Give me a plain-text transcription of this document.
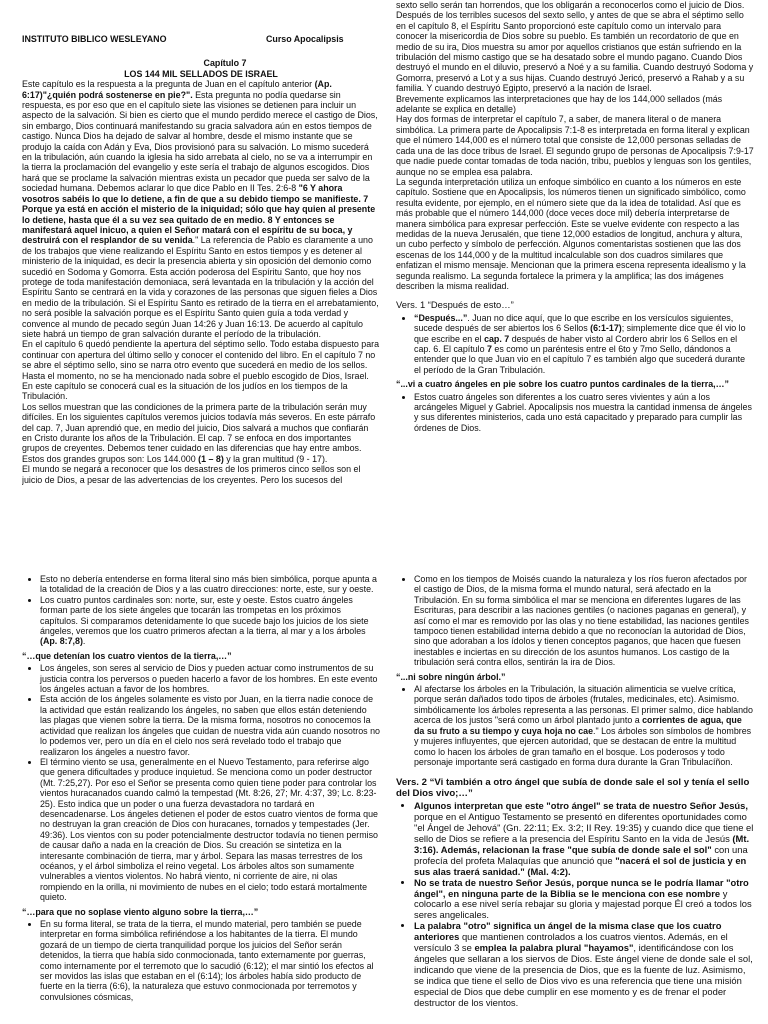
INSTITUTO BIBLICO WESLEYANO	Curso Apocalipsis
Capítulo 7
LOS 144 MIL SELLADOS DE ISRAEL

Este capítulo es la respuesta a la pregunta de Juan en el capítulo anterior (Ap. 6:17)"¿quién podrá sostenerse en pie?". Esta pregunta no podía quedarse sin respuesta, es por eso que en el capítulo siete las visiones se detienen para incluir un aspecto de la salvación. Si bien es cierto que el mundo perdido merece el castigo de Dios, sin embargo, Dios continuará manifestando su gracia salvadora aún en estos tiempos de castigo. Nunca Dios ha dejado de salvar al hombre, desde el mismo instante que se produjo la caída con Adán y Eva, Dios provisionó para su salvación. Lo mismo sucederá en la tribulación, aún cuando la iglesia ha sido arrebata al cielo, no se va a interrumpir en la tierra la proclamación del evangelio y este sería el trabajo de algunos escogidos. Dios hará que se proclame la salvación mientras exista un pecador que pueda ser salvo de la sociedad humana. Debemos aclarar lo que dice Pablo en II Tes. 2:6-8 "6 Y ahora vosotros sabéis lo que lo detiene, a fin de que a su debido tiempo se manifieste. 7 Porque ya está en acción el misterio de la iniquidad; sólo que hay quien al presente lo detiene, hasta que él a su vez sea quitado de en medio. 8 Y entonces se manifestará aquel inicuo, a quien el Señor matará con el espíritu de su boca, y destruirá con el resplandor de su venida." La referencia de Pablo es claramente a uno de los trabajos que viene realizando el Espíritu Santo en estos tiempos y es detener al ministerio de la iniquidad, es decir la presencia abierta y sin oposición del demonio como sucedió en Sodoma y Gomorra. Esta acción poderosa del Espíritu Santo, que hoy nos protege de toda manifestación demoniaca, será levantada en la tribulación y la acción del Espíritu Santo se centrará en la vida y corazones de las personas que siguen fieles a Dios en medio de la tribulación. Si el Espíritu Santo es retirado de la tierra en el arrebatamiento, no será posible la salvación porque es el Espíritu Santo quien guía a toda verdad y convence al mundo de pecado según Juan 14:26 y Juan 16:13. De acuerdo al capítulo siete habrá un tiempo de gran salvación durante el período de la tribulación.

En el capítulo 6 quedó pendiente la apertura del séptimo sello. Todo estaba dispuesto para continuar con apertura del último sello y conocer el contenido del libro. En el capítulo 7 no se abre el séptimo sello, sino se narra otro evento que sucederá en medio de los sellos. Hasta el momento, no se ha mencionado nada sobre el pueblo escogido de Dios, Israel. En este capítulo se conocerá cual es la situación de los judíos en los tiempos de la Tribulación.

Los sellos muestran que las condiciones de la primera parte de la tribulación serán muy difíciles. En los siguientes capítulos veremos juicios todavía más severos. En este párrafo del cap. 7, Juan aprendió que, en medio del juicio, Dios salvará a muchos que confiarán en Cristo durante los años de la Tribulación. El cap. 7 se enfoca en dos importantes grupos de creyentes. Debemos tener cuidado en las diferencias que hay entre ambos. Estos dos grandes grupos son: Los 144.000 (1 – 8) y la gran multitud (9 - 17).

El mundo se negará a reconocer que los desastres de los primeros cinco sellos son el juicio de Dios, a pesar de las advertencias de los creyentes. Pero los sucesos del

sexto sello serán tan horrendos, que los obligarán a reconocerlos como el juicio de Dios. Después de los terribles sucesos del sexto sello, y antes de que se abra el séptimo sello en el capítulo 8, el Espíritu Santo proporcionó este capítulo como un intervalo para conocer la misericordia de Dios sobre su pueblo. Es también un recordatorio de que en medio de su ira, Dios muestra su amor por aquellos cristianos que están sufriendo en la tribulación del mismo castigo que se ha desatado sobre el mundo pagano. Cuando Dios destruyó el mundo en el diluvio, preservó a Noé y a su familia. Cuando destruyó Sodoma y Gomorra, preservó a Lot y a sus hijas. Cuando destruyó Jericó, preservó a Rahab y a su familia. Y cuando destruyó Egipto, preservó a la nación de Israel.

Brevemente explicamos las interpretaciones que hay de los 144,000 sellados (más adelante se explica en detalle)

Hay dos formas de interpretar el capítulo 7, a saber, de manera literal o de manera simbólica. La primera parte de Apocalipsis 7:1-8 es interpretada en forma literal y explican que el número 144,000 es el número total que consiste de 12,000 personas selladas de cada una de las doce tribus de Israel. El segundo grupo de personas de Apocalipsis 7:9-17 que nadie puede contar tomadas de toda nación, tribu, pueblos y lenguas son los gentiles, aunque no se emplea esa palabra.

La segunda interpretación utiliza un enfoque simbólico en cuanto a los números en este capítulo. Sostiene que en Apocalipsis, los números tienen un significado simbólico, como resulta evidente, por ejemplo, en el número siete que da la idea de totalidad. Así que es más probable que el número 144,000 (doce veces doce mil) debería interpretarse de manera simbólica para expresar perfección. Este se vuelve evidente con respecto a las medidas de la nueva Jerusalén, que tiene 12,000 estadios de longitud, anchura y altura, un cubo perfecto y símbolo de perfección. Algunos comentaristas sostienen que las dos escenas de los 144,000 y de la multitud incalculable son dos cuadros similares que enfatizan el mismo mensaje. Mencionan que la primera escena representa idealismo y la segunda realismo. La segunda fortalece la primera y la amplifica; las dos imágenes describen la misma realidad.

Vers. 1 “Después de esto…”
• “Después...”. Juan no dice aquí, que lo que escribe en los versículos siguientes, sucede después de ser abiertos los 6 Sellos (6:1-17); simplemente dice que él vio lo que escribe en el cap. 7 después de haber visto al Cordero abrir los 6 Sellos en el cap. 6. El capítulo 7 es como un paréntesis entre el 6to y 7mo Sello, dándonos a entender que lo que Juan vio en el capítulo 7 es también algo que sucederá durante el período de la Gran Tribulación.
“...vi a cuatro ángeles en pie sobre los cuatro puntos cardinales de la tierra,…”
• Estos cuatro ángeles son diferentes a los cuatro seres vivientes y aún a los arcángeles Miguel y Gabriel. Apocalipsis nos muestra la cantidad inmensa de ángeles y sus diferentes ministerios, cada uno está capacitado y preparado para cumplir las órdenes de Dios.
• Esto no debería entenderse en forma literal sino más bien simbólica, porque apunta a la totalidad de la creación de Dios y a las cuatro direcciones: norte, este, sur y oeste.
• Los cuatro puntos cardinales son: norte, sur, este y oeste. Estos cuatro ángeles forman parte de los siete ángeles que tocarán las trompetas en los próximos capítulos. Si comparamos detenidamente lo que sucede bajo los juicios de los siete ángeles, veremos que los cuatro primeros afectan a la tierra, al mar y a los árboles (Ap. 8:7,8).
“…que detenían los cuatro vientos de la tierra,…”
• Los ángeles, son seres al servicio de Dios y pueden actuar como instrumentos de su justicia contra los perversos o pueden hacerlo a favor de los hombres. En este evento los ángeles actuan a favor de los hombres.
• Esta acción de los ángeles solamente es visto por Juan, en la tierra nadie conoce de la actividad que están realizando los ángeles, no saben que ellos están deteniendo las plagas que vienen sobre la tierra. De la misma forma, nosotros no conocemos la actividad que realizan los ángeles que cuidan de nuestra vida aún cuando nosotros no lo podemos ver, pero un día en el cielo nos será revelado todo el trabajo que realizaron los ángeles a nuestro favor.
• El término viento se usa, generalmente en el Nuevo Testamento, para referirse algo que genera dificultades y produce inquietud. Se menciona como un poder destructor (Mt. 7:25,27). Por eso el Señor se presenta como quien tiene poder para controlar los vientos huracanados cuando calmó la tempestad (Mt. 8:26, 27; Mr. 4:37, 39; Lc. 8:23-25). Esto indica que un poder o una fuerza devastadora no tardará en desencadenarse. Los ángeles detienen el poder de estos cuatro vientos de forma que no destruyan la gran creación de Dios con huracanes, tornados y tempestades (Jer. 49:36). Los vientos con su poder potencialmente destructor todavía no tienen permiso de causar daño a nada en la creación de Dios. Su creación se sintetiza en la interesante combinación de tierra, mar y árbol. Separa las masas terrestres de los océanos, y el árbol simboliza el reino vegetal. Los árboles altos son sumamente vulnerables a vientos violentos. No habrá viento, ni corriente de aire, ni olas rompiendo en la orilla, ni movimiento de nubes en el cielo; todo estará mortalmente quieto.
“…para que no soplase viento alguno sobre la tierra,…”
• En su forma literal, se trata de la tierra, el mundo material, pero también se puede interpretar en forma simbólica refiriéndose a los habitantes de la tierra. El mundo gozará de un tiempo de cierta tranquilidad porque los juicios del Señor serán detenidos, la tierra que había sido conmocionada, tanto externamente por guerras, como internamente por el terremoto que lo sacudió (6:12); el mar sintió los efectos al ser movidos las islas que estaban en el (6:14); los árboles había sido producto de fuerte en la tierra (6:6), la naturaleza que estuvo conmocionada por terremotos y convulsiones cósmicas,
• Como en los tiempos de Moisés cuando la naturaleza y los ríos fueron afectados por el castigo de Dios, de la misma forma el mundo natural, será afectado en la Tribulación. En su forma simbólica el mar se menciona en diferentes lugares de las Escrituras, para describir a las naciones gentiles (o naciones paganas en general), y así como el mar es removido por las olas y no tiene estabilidad, las naciones gentiles tampoco tienen estabilidad interna debido a que no reconocían la autoridad de Dios, sino que adoraban a los ídolos y tienen conceptos paganos, que hacen que fuesen inestables e inciertas en su dirección de los asuntos humanos. Los castigo de la tribulación será contra ellos, sentirán la ira de Dios.
“...ni sobre ningún árbol.”
• Al afectarse los árboles en la Tribulación, la situación alimenticia se vuelve crítica, porque serán dañados todo tipos de árboles (frutales, medicinales, etc). Asimismo. simbólicamente los árboles representa a las personas. El primer salmo, dice hablando acerca de los justos "será como un árbol plantado junto a corrientes de agua, que da su fruto a su tiempo y cuya hoja no cae." Los árboles son símbolos de hombres y mujeres influyentes, que ejercen autoridad, que se destacan de entre la multitud como lo hacen los árboles de gran tamaño en el bosque. Los poderosos y todo personaje importante será castigado en forma dura durante la Gran Tribulacíñon.
Vers. 2 “Vi también a otro ángel que subía de donde sale el sol y tenía el sello del Dios vivo;…”
• Algunos interpretan que este "otro ángel" se trata de nuestro Señor Jesús, porque en el Antiguo Testamento se presentó en diferentes oportunidades como "el Ángel de Jehová" (Gn. 22:11; Ex. 3:2; II Rey. 19:35) y cuando dice que tiene el sello de Dios se refiere a la presencia del Espíritu Santo en la vida de Jesús (Mt. 3:16). Además, relacionan la frase "que subía de donde sale el sol" con una profecía del profeta Malaquías que anunció que "nacerá el sol de justicia y en sus alas traerá sanidad." (Mal. 4:2).
• No se trata de nuestro Señor Jesús, porque nunca se le podría llamar "otro ángel", en ninguna parte de la Biblia se le menciona con ese nombre y colocarlo a ese nivel sería rebajar su gloria y majestad porque Él creó a todos los seres angelicales.
• La palabra "otro" significa un ángel de la misma clase que los cuatro anteriores que mantienen controlados a los cuatros vientos. Además, en el versículo 3 se emplea la palabra plural "hayamos", identificándose con los ángeles que sellaran a los siervos de Dios. Este ángel viene de donde sale el sol, indicando que viene de la presencia de Dios, que es la fuente de luz. Asimismo, se indica que tiene el sello de Dios vivo es una referencia que tiene una misión especial de Dios que debe cumplir en ese momento y es de frenar el poder destructor de los vientos.
